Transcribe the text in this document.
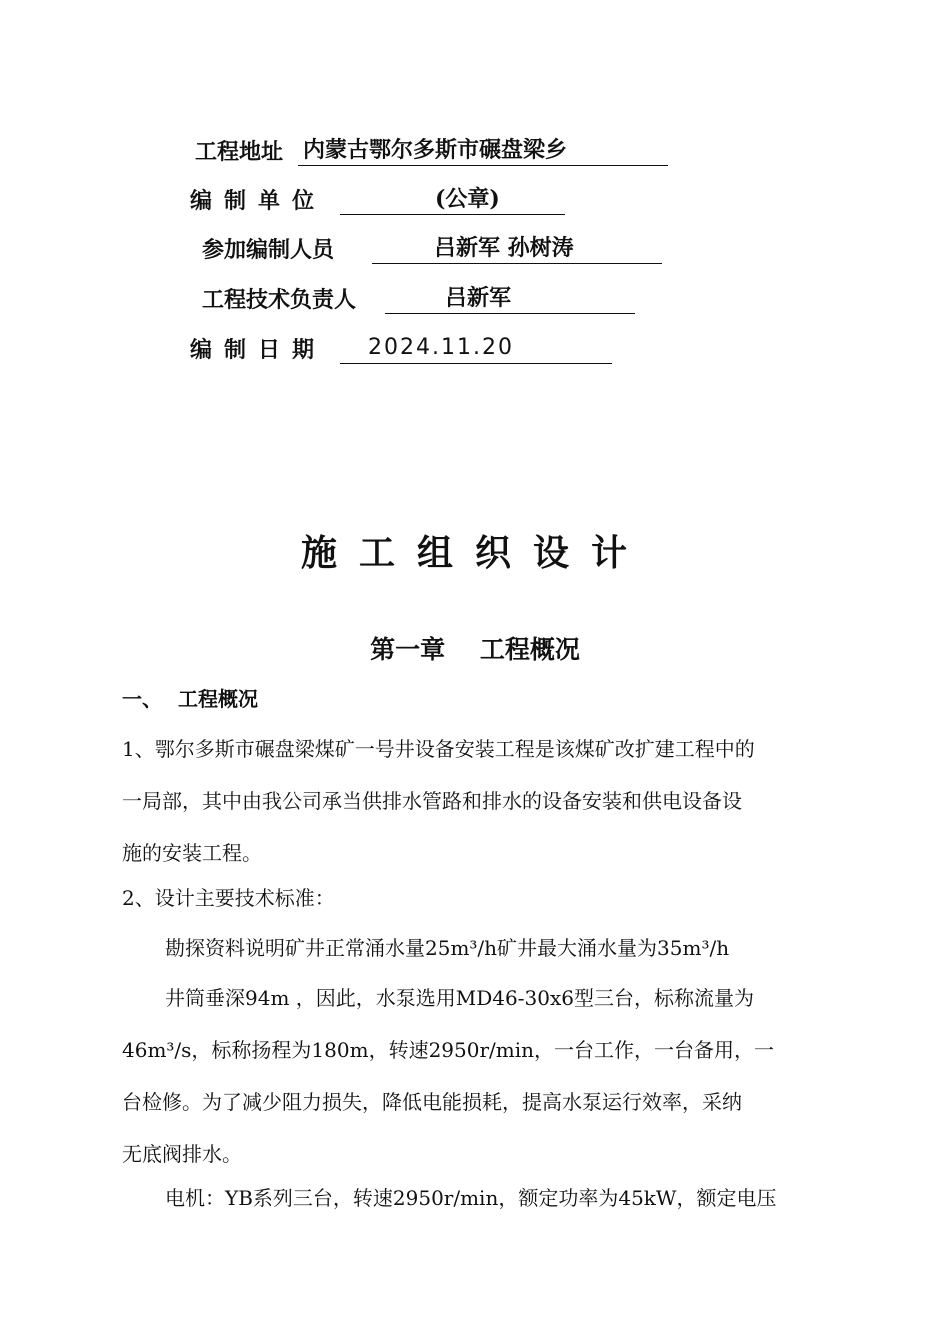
工程地址 内蒙古鄂尔多斯市碾盘梁乡
编制单位	(公章)
参加编制人员	吕新军 孙树涛
工程技术负责人	吕新军
编制日期 2024.11.20
施工组织设计
第一章    工程概况
一、 工程概况
1、鄂尔多斯市碾盘梁煤矿一号井设备安装工程是该煤矿改扩建工程中的
一局部，其中由我公司承当供排水管路和排水的设备安装和供电设备设
施的安装工程。
2、设计主要技术标准：
勘探资料说明矿井正常涌水量25m³/h矿井最大涌水量为35m³/h
井筒垂深94m ，因此，水泵选用MD46-30ⅹ6型三台，标称流量为
46m³/s，标称扬程为180m，转速2950r/min，一台工作，一台备用，一
台检修。为了减少阻力损失，降低电能损耗，提高水泵运行效率，采纳
无底阀排水。
电机：YB系列三台，转速2950r/min，额定功率为45kW，额定电压
